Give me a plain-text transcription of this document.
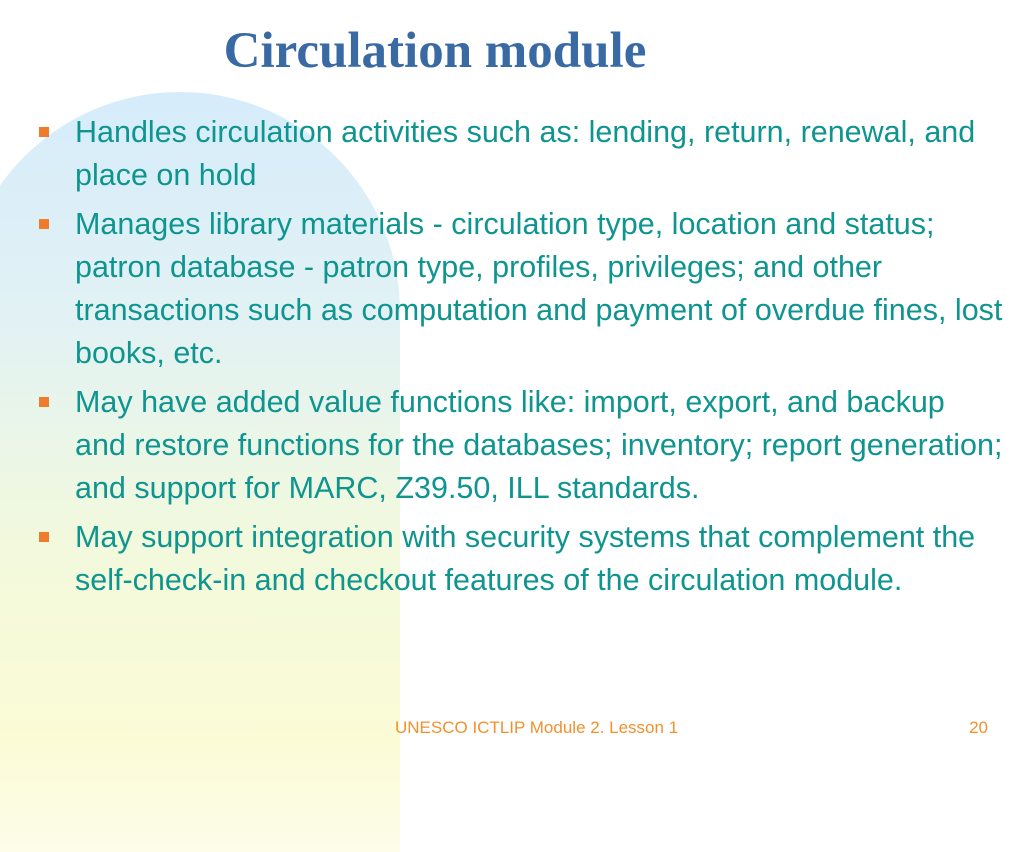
Circulation module
Handles circulation activities such as: lending, return, renewal, and place on hold
Manages library materials - circulation type, location and status; patron database - patron type, profiles, privileges; and other transactions such as computation and payment of overdue fines, lost books, etc.
May have added value functions like: import, export, and backup and restore functions for the databases; inventory; report generation; and support for MARC, Z39.50, ILL standards.
May support integration with security systems that complement the self-check-in and checkout features of the circulation module.
UNESCO ICTLIP Module 2. Lesson 1	20
